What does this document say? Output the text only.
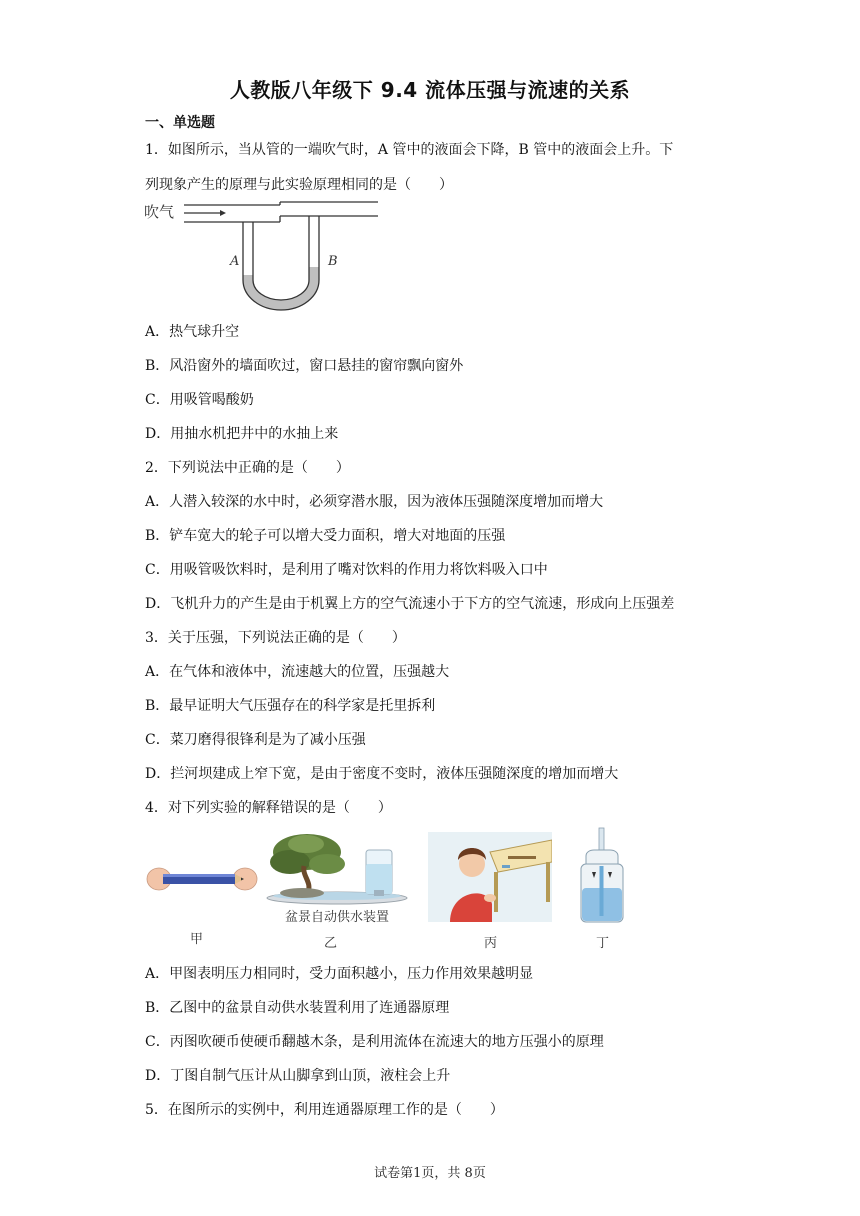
人教版八年级下 9.4 流体压强与流速的关系
一、单选题
1．如图所示，当从管的一端吹气时，A 管中的液面会下降，B 管中的液面会上升。下
列现象产生的原理与此实验原理相同的是（　　）
吹气
A	B
A．热气球升空
B．风沿窗外的墙面吹过，窗口悬挂的窗帘飘向窗外
C．用吸管喝酸奶
D．用抽水机把井中的水抽上来
2．下列说法中正确的是（　　）
A．人潜入较深的水中时，必须穿潜水服，因为液体压强随深度增加而增大
B．铲车宽大的轮子可以增大受力面积，增大对地面的压强
C．用吸管吸饮料时，是利用了嘴对饮料的作用力将饮料吸入口中
D．飞机升力的产生是由于机翼上方的空气流速小于下方的空气流速，形成向上压强差
3．关于压强，下列说法正确的是（　　）
A．在气体和液体中，流速越大的位置，压强越大
B．最早证明大气压强存在的科学家是托里拆利
C．菜刀磨得很锋利是为了减小压强
D．拦河坝建成上窄下宽，是由于密度不变时，液体压强随深度的增加而增大
4．对下列实验的解释错误的是（　　）
甲
盆景自动供水装置
乙	丙	丁
A．甲图表明压力相同时，受力面积越小，压力作用效果越明显
B．乙图中的盆景自动供水装置利用了连通器原理
C．丙图吹硬币使硬币翻越木条，是利用流体在流速大的地方压强小的原理
D．丁图自制气压计从山脚拿到山顶，液柱会上升
5．在图所示的实例中，利用连通器原理工作的是（　　）
试卷第1页，共 8页
